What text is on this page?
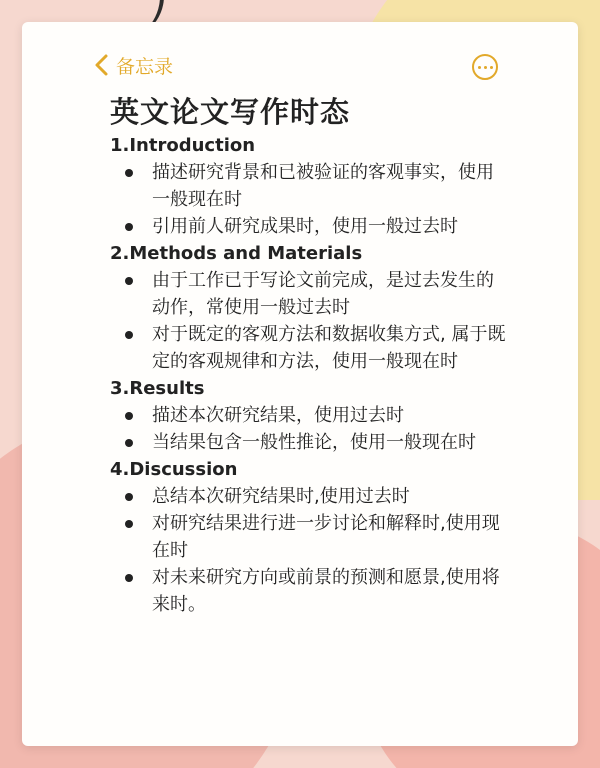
备忘录
英文论文写作时态
1.Introduction
描述研究背景和已被验证的客观事实，使用一般现在时
引用前人研究成果时，使用一般过去时
2.Methods and Materials
由于工作已于写论文前完成，是过去发生的动作，常使用一般过去时
对于既定的客观方法和数据收集方式, 属于既定的客观规律和方法，使用一般现在时
3.Results
描述本次研究结果，使用过去时
当结果包含一般性推论，使用一般现在时
4.Discussion
总结本次研究结果时,使用过去时
对研究结果进行进一步讨论和解释时,使用现在时
对未来研究方向或前景的预测和愿景,使用将来时。
